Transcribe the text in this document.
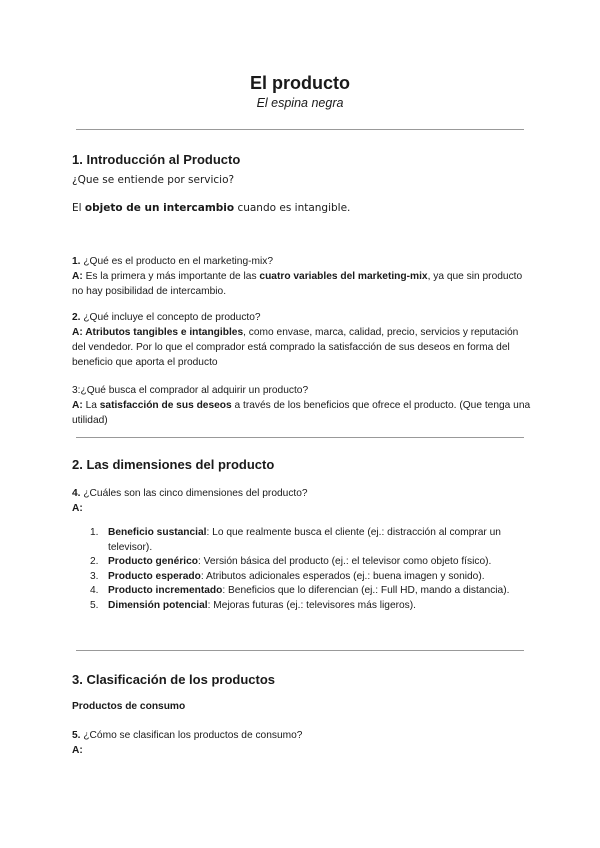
El producto

El espina negra

1. Introducción al Producto

¿Que se entiende por servicio?

El objeto de un intercambio cuando es intangible.

1. ¿Qué es el producto en el marketing-mix?

A: Es la primera y más importante de las cuatro variables del marketing-mix, ya que sin producto no hay posibilidad de intercambio.

2. ¿Qué incluye el concepto de producto?

A: Atributos tangibles e intangibles, como envase, marca, calidad, precio, servicios y reputación del vendedor. Por lo que el comprador está comprado la satisfacción de sus deseos en forma del beneficio que aporta el producto

3:¿Qué busca el comprador al adquirir un producto?

A: La satisfacción de sus deseos a través de los beneficios que ofrece el producto. (Que tenga una utilidad)

2. Las dimensiones del producto

4. ¿Cuáles son las cinco dimensiones del producto?

A:

1. Beneficio sustancial: Lo que realmente busca el cliente (ej.: distracción al comprar un televisor).
2. Producto genérico: Versión básica del producto (ej.: el televisor como objeto físico).
3. Producto esperado: Atributos adicionales esperados (ej.: buena imagen y sonido).
4. Producto incrementado: Beneficios que lo diferencian (ej.: Full HD, mando a distancia).
5. Dimensión potencial: Mejoras futuras (ej.: televisores más ligeros).
3. Clasificación de los productos

Productos de consumo

5. ¿Cómo se clasifican los productos de consumo?

A:
